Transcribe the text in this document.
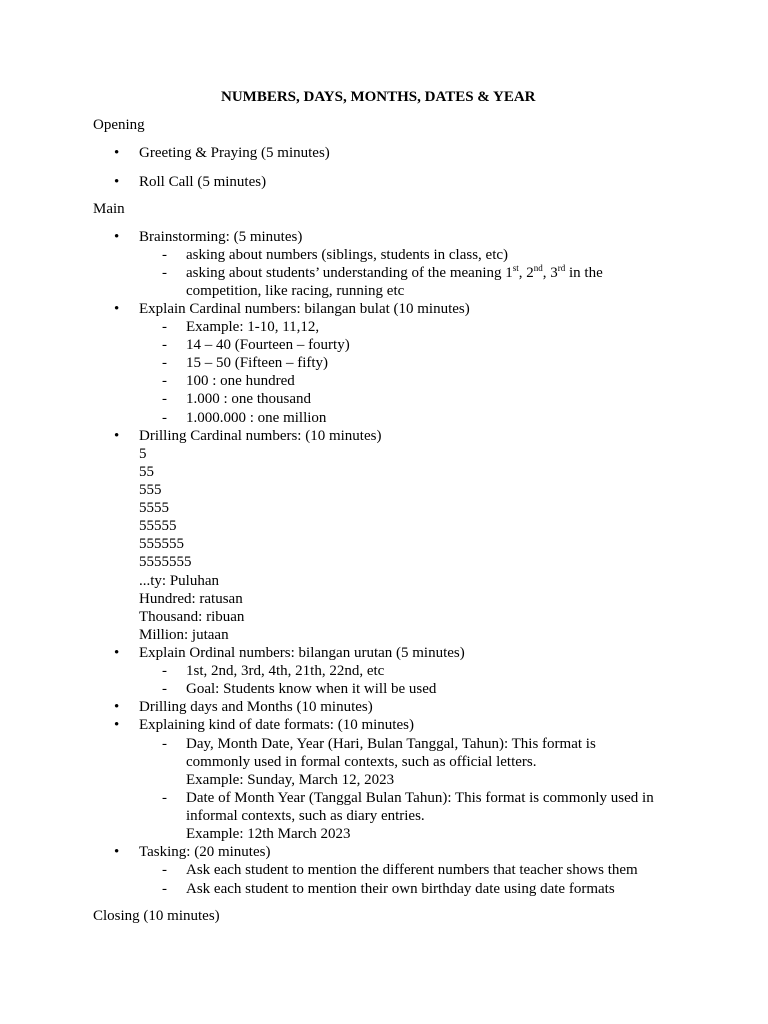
NUMBERS, DAYS, MONTHS, DATES & YEAR
Opening
• Greeting & Praying (5 minutes)
• Roll Call (5 minutes)
Main
• Brainstorming: (5 minutes)
- asking about numbers (siblings, students in class, etc)
- asking about students’ understanding of the meaning 1st, 2nd, 3rd in the
competition, like racing, running etc
• Explain Cardinal numbers: bilangan bulat (10 minutes)
- Example: 1-10, 11,12,
- 14 – 40 (Fourteen – fourty)
- 15 – 50 (Fifteen – fifty)
- 100 : one hundred
- 1.000 : one thousand
- 1.000.000 : one million
• Drilling Cardinal numbers: (10 minutes)
5
55
555
5555
55555
555555
5555555
...ty: Puluhan
Hundred: ratusan
Thousand: ribuan
Million: jutaan
• Explain Ordinal numbers: bilangan urutan (5 minutes)
- 1st, 2nd, 3rd, 4th, 21th, 22nd, etc
- Goal: Students know when it will be used
• Drilling days and Months (10 minutes)
• Explaining kind of date formats: (10 minutes)
- Day, Month Date, Year (Hari, Bulan Tanggal, Tahun): This format is
commonly used in formal contexts, such as official letters.
Example: Sunday, March 12, 2023
- Date of Month Year (Tanggal Bulan Tahun): This format is commonly used in
informal contexts, such as diary entries.
Example: 12th March 2023
• Tasking: (20 minutes)
- Ask each student to mention the different numbers that teacher shows them
- Ask each student to mention their own birthday date using date formats
Closing (10 minutes)
